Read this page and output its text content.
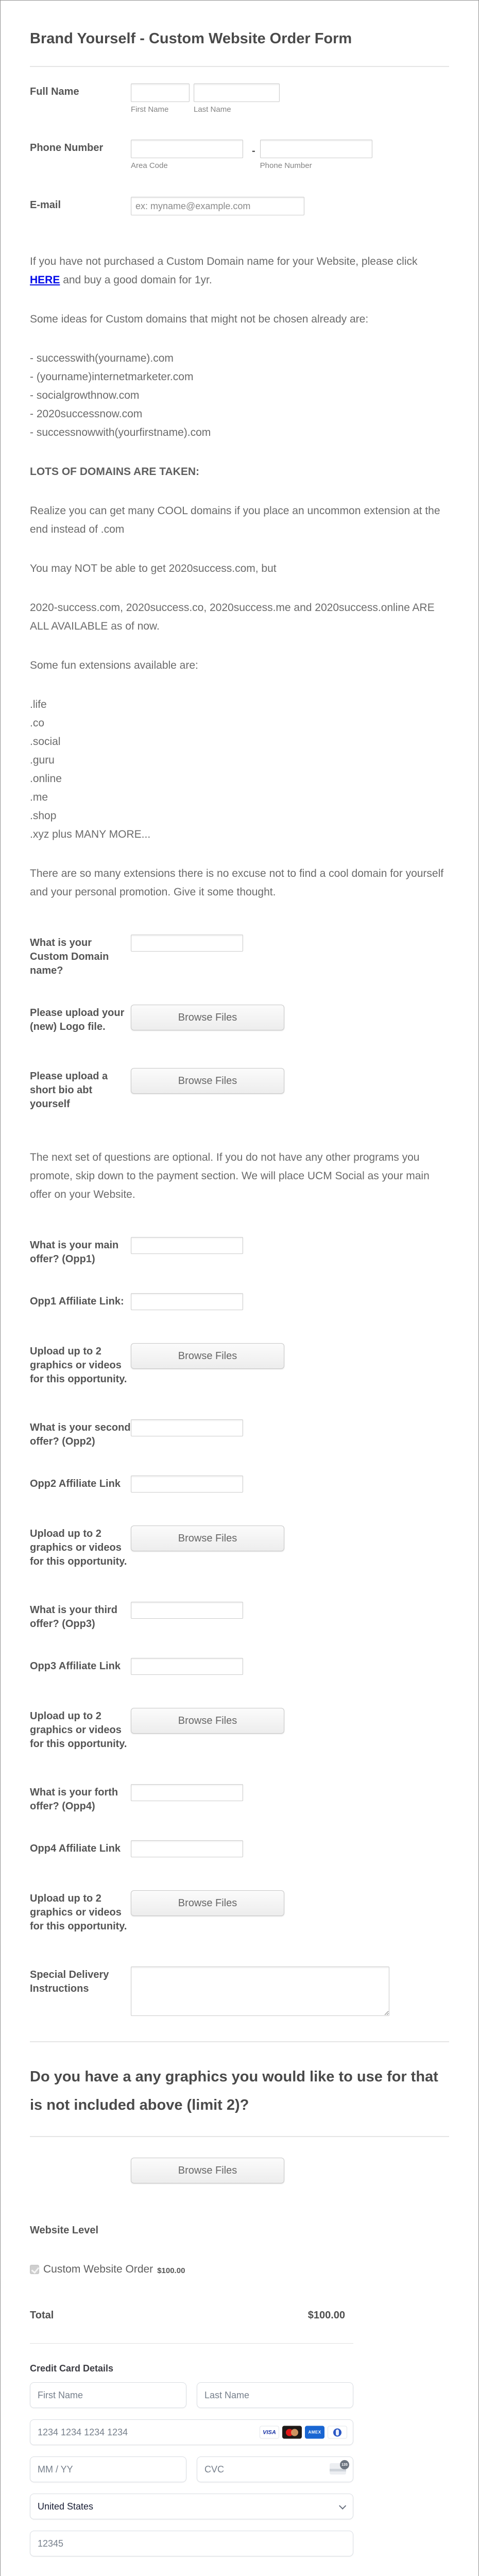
Brand Yourself - Custom Website Order Form
Full Name
First Name	Last Name
Phone Number
Area Code
-
Phone Number
E-mail
ex: myname@example.com

If you have not purchased a Custom Domain name for your Website, please click HERE and buy a good domain for 1yr.

Some ideas for Custom domains that might not be chosen already are:

- successwith(yourname).com
- (yourname)internetmarketer.com
- socialgrowthnow.com
- 2020successnow.com
- successnowwith(yourfirstname).com

LOTS OF DOMAINS ARE TAKEN:

Realize you can get many COOL domains if you place an uncommon extension at the end instead of .com

You may NOT be able to get 2020success.com, but

2020-success.com, 2020success.co, 2020success.me and 2020success.online ARE ALL AVAILABLE as of now.

Some fun extensions available are:

.life
.co
.social
.guru
.online
.me
.shop
.xyz plus MANY MORE...

There are so many extensions there is no excuse not to find a cool domain for yourself and your personal promotion. Give it some thought.

What is your Custom Domain name?
Please upload your (new) Logo file.
Browse Files
Please upload a short bio abt yourself
Browse Files

The next set of questions are optional. If you do not have any other programs you promote, skip down to the payment section. We will place UCM Social as your main offer on your Website.

What is your main offer? (Opp1)
Opp1 Affiliate Link:
Upload up to 2 graphics or videos for this opportunity.
Browse Files
What is your second offer? (Opp2)
Opp2 Affiliate Link
Upload up to 2 graphics or videos for this opportunity.
Browse Files
What is your third offer? (Opp3)
Opp3 Affiliate Link
Upload up to 2 graphics or videos for this opportunity.
Browse Files
What is your forth offer? (Opp4)
Opp4 Affiliate Link
Upload up to 2 graphics or videos for this opportunity.
Browse Files
Special Delivery Instructions
Do you have a any graphics you would like to use for that is not included above (limit 2)?
Browse Files
Website Level
Custom Website Order $100.00
Total	$100.00
Credit Card Details
First Name
Last Name
1234 1234 1234 1234
VISA	AMEX
MM / YY
CVC
135
United States
12345
